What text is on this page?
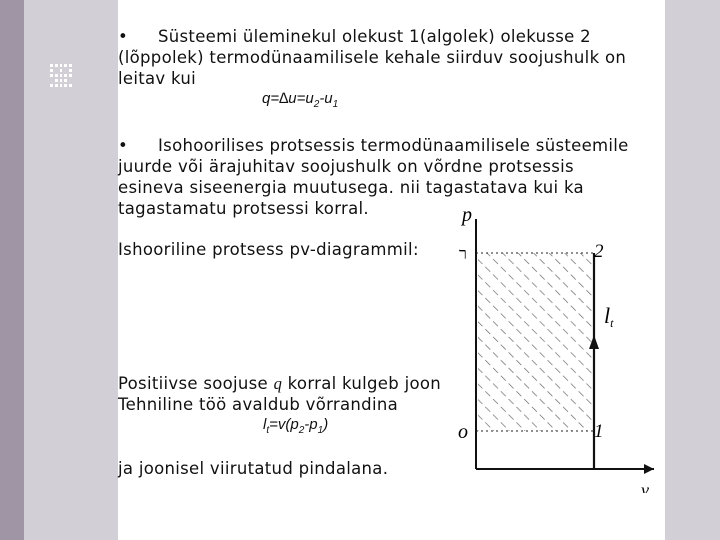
• Süsteemi üleminekul olekust 1(algolek) olekusse 2
(lõppolek) termodünaamilisele kehale siirduv soojushulk on
leitav kui
$q=\Delta u=u_2-u_1$
• Isohoorilises protsessis termodünaamilisele süsteemile
juurde või ärajuhitav soojushulk on võrdne protsessis
esineva siseenergia muutusega. nii tagastatava kui ka
tagastamatu protsessi korral.
Ishooriline protsess pv-diagrammil:
Positiivse soojuse q korral kulgeb joon
Tehniline töö avaldub võrrandina
$l_t=v(p_2-p_1)$
ja joonisel viirutatud pindalana.
p
v
2
1
lt
o
ר
